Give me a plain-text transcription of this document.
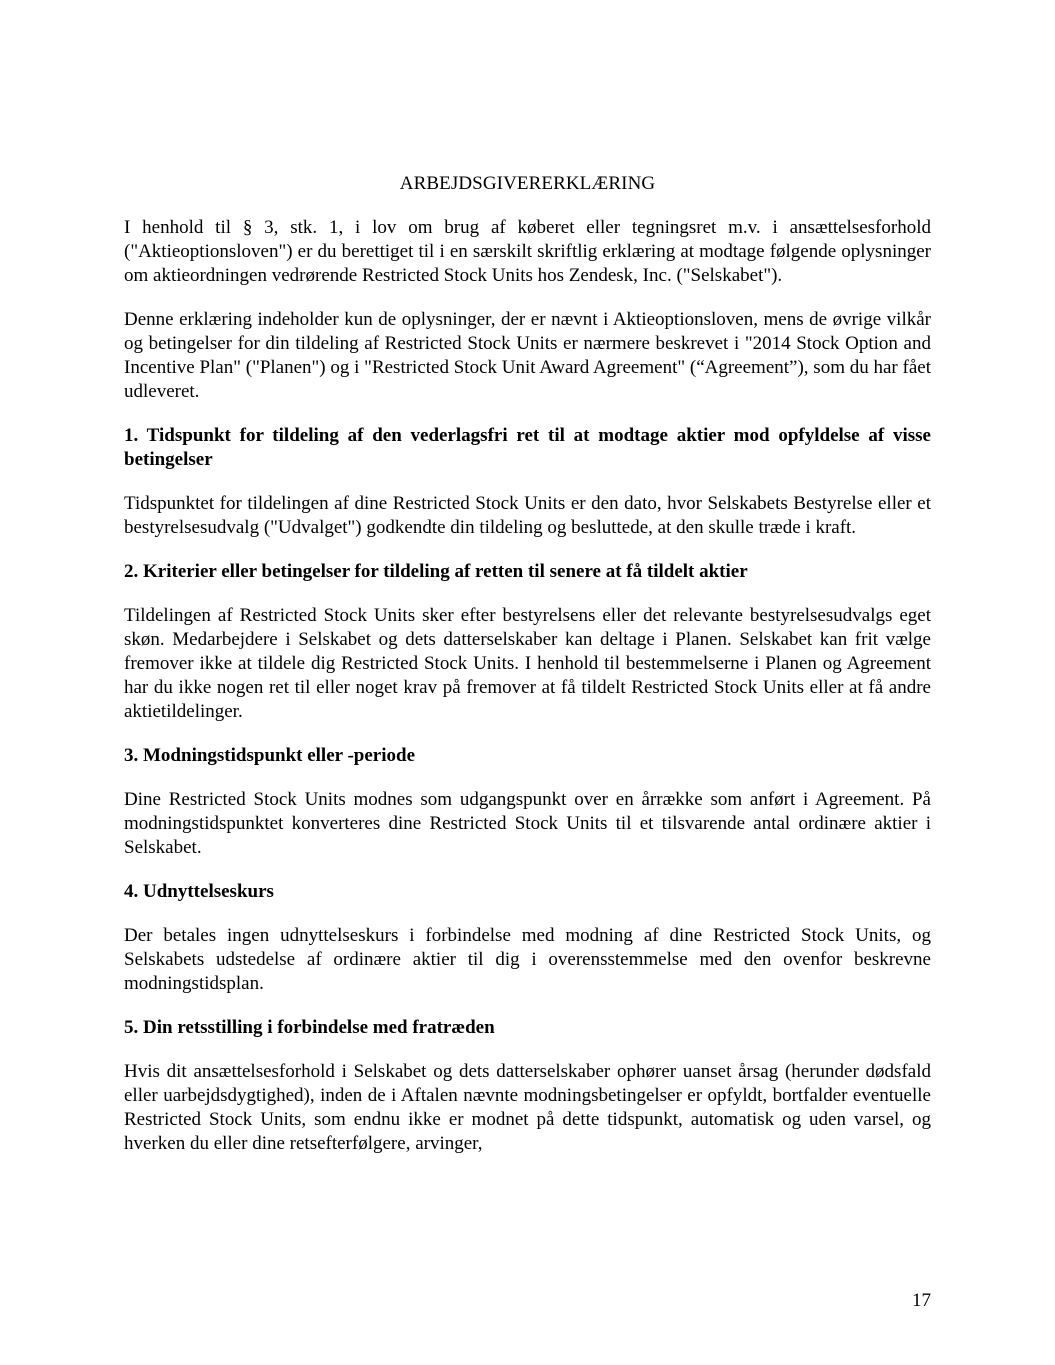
ARBEJDSGIVERERKLÆRING

I henhold til § 3, stk. 1, i lov om brug af køberet eller tegningsret m.v. i ansættelsesforhold ("Aktieoptionsloven") er du berettiget til i en særskilt skriftlig erklæring at modtage følgende oplysninger om aktieordningen vedrørende Restricted Stock Units hos Zendesk, Inc. ("Selskabet").

Denne erklæring indeholder kun de oplysninger, der er nævnt i Aktieoptionsloven, mens de øvrige vilkår og betingelser for din tildeling af Restricted Stock Units er nærmere beskrevet i "2014 Stock Option and Incentive Plan" ("Planen") og i "Restricted Stock Unit Award Agreement" (“Agreement”), som du har fået udleveret.

1. Tidspunkt for tildeling af den vederlagsfri ret til at modtage aktier mod opfyldelse af visse betingelser

Tidspunktet for tildelingen af dine Restricted Stock Units er den dato, hvor Selskabets Bestyrelse eller et bestyrelsesudvalg ("Udvalget") godkendte din tildeling og besluttede, at den skulle træde i kraft.

2. Kriterier eller betingelser for tildeling af retten til senere at få tildelt aktier

Tildelingen af Restricted Stock Units sker efter bestyrelsens eller det relevante bestyrelsesudvalgs eget skøn. Medarbejdere i Selskabet og dets datterselskaber kan deltage i Planen. Selskabet kan frit vælge fremover ikke at tildele dig Restricted Stock Units. I henhold til bestemmelserne i Planen og Agreement har du ikke nogen ret til eller noget krav på fremover at få tildelt Restricted Stock Units eller at få andre aktietildelinger.

3. Modningstidspunkt eller -periode

Dine Restricted Stock Units modnes som udgangspunkt over en årrække som anført i Agreement. På modningstidspunktet konverteres dine Restricted Stock Units til et tilsvarende antal ordinære aktier i Selskabet.

4. Udnyttelseskurs

Der betales ingen udnyttelseskurs i forbindelse med modning af dine Restricted Stock Units, og Selskabets udstedelse af ordinære aktier til dig i overensstemmelse med den ovenfor beskrevne modningstidsplan.

5. Din retsstilling i forbindelse med fratræden

Hvis dit ansættelsesforhold i Selskabet og dets datterselskaber ophører uanset årsag (herunder dødsfald eller uarbejdsdygtighed), inden de i Aftalen nævnte modningsbetingelser er opfyldt, bortfalder eventuelle Restricted Stock Units, som endnu ikke er modnet på dette tidspunkt, automatisk og uden varsel, og hverken du eller dine retsefterfølgere, arvinger,

17
